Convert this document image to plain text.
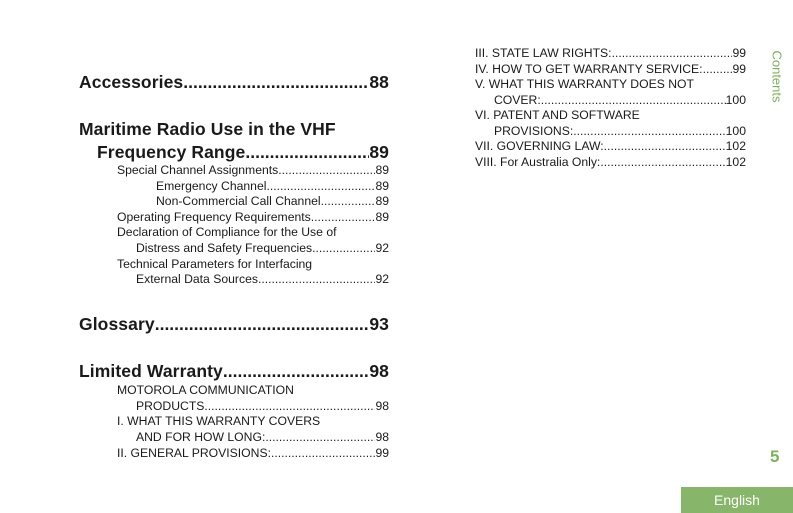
Accessories .....	88
Maritime Radio Use in the VHF
Frequency Range .....	89
Special Channel Assignments .....	89
Emergency Channel .....	89
Non-Commercial Call Channel .....	89
Operating Frequency Requirements .....	89
Declaration of Compliance for the Use of
Distress and Safety Frequencies .....	92
Technical Parameters for Interfacing
External Data Sources .....	92
Glossary .....	93
Limited Warranty .....	98
MOTOROLA COMMUNICATION
PRODUCTS .....	98
I. WHAT THIS WARRANTY COVERS
AND FOR HOW LONG: .....	98
II. GENERAL PROVISIONS: .....	99
III. STATE LAW RIGHTS: .....	99
IV. HOW TO GET WARRANTY SERVICE: ..... 99
V. WHAT THIS WARRANTY DOES NOT
COVER: .....	100
VI. PATENT AND SOFTWARE
PROVISIONS: .....	100
VII. GOVERNING LAW: .....	102
VIII. For Australia Only: .....	102
Contents
5
English
